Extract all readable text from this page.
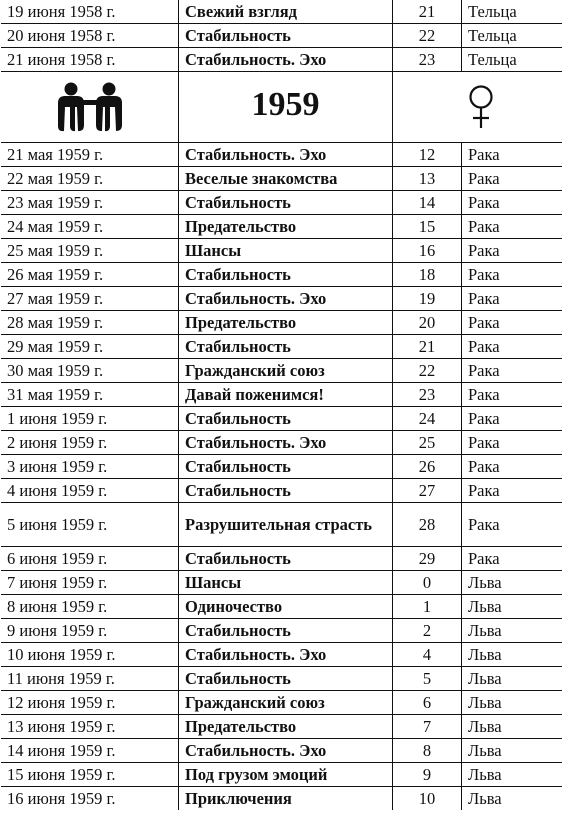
19 июня 1958 г.	Свежий взгляд	21	Тельца
20 июня 1958 г.	Стабильность	22	Тельца
21 июня 1958 г.	Стабильность. Эхо	23	Тельца
	1959	
21 мая 1959 г.	Стабильность. Эхо	12	Рака
22 мая 1959 г.	Веселые знакомства	13	Рака
23 мая 1959 г.	Стабильность	14	Рака
24 мая 1959 г.	Предательство	15	Рака
25 мая 1959 г.	Шансы	16	Рака
26 мая 1959 г.	Стабильность	18	Рака
27 мая 1959 г.	Стабильность. Эхо	19	Рака
28 мая 1959 г.	Предательство	20	Рака
29 мая 1959 г.	Стабильность	21	Рака
30 мая 1959 г.	Гражданский союз	22	Рака
31 мая 1959 г.	Давай поженимся!	23	Рака
1 июня 1959 г.	Стабильность	24	Рака
2 июня 1959 г.	Стабильность. Эхо	25	Рака
3 июня 1959 г.	Стабильность	26	Рака
4 июня 1959 г.	Стабильность	27	Рака
5 июня 1959 г.	Разрушительная страсть	28	Рака
6 июня 1959 г.	Стабильность	29	Рака
7 июня 1959 г.	Шансы	0	Льва
8 июня 1959 г.	Одиночество	1	Льва
9 июня 1959 г.	Стабильность	2	Льва
10 июня 1959 г.	Стабильность. Эхо	4	Льва
11 июня 1959 г.	Стабильность	5	Льва
12 июня 1959 г.	Гражданский союз	6	Льва
13 июня 1959 г.	Предательство	7	Льва
14 июня 1959 г.	Стабильность. Эхо	8	Льва
15 июня 1959 г.	Под грузом эмоций	9	Льва
16 июня 1959 г.	Приключения	10	Льва
